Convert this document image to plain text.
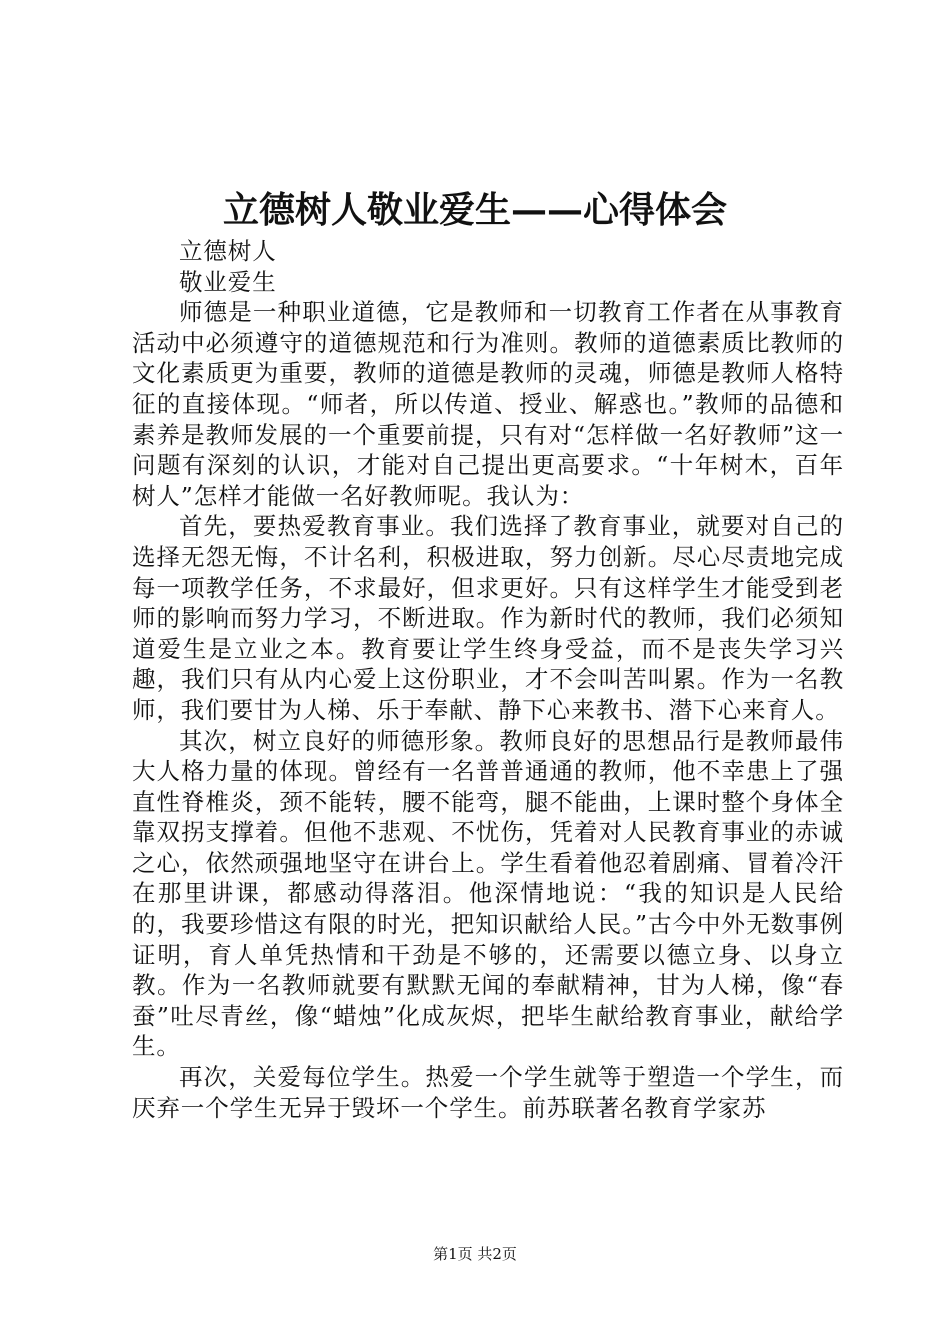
立德树人敬业爱生——心得体会

立德树人

敬业爱生

师德是一种职业道德，它是教师和一切教育工作者在从事教育活动中必须遵守的道德规范和行为准则。教师的道德素质比教师的文化素质更为重要，教师的道德是教师的灵魂，师德是教师人格特征的直接体现。“师者，所以传道、授业、解惑也。”教师的品德和素养是教师发展的一个重要前提，只有对“怎样做一名好教师”这一问题有深刻的认识，才能对自己提出更高要求。“十年树木，百年树人”怎样才能做一名好教师呢。我认为：

首先，要热爱教育事业。我们选择了教育事业，就要对自己的选择无怨无悔，不计名利，积极进取，努力创新。尽心尽责地完成每一项教学任务，不求最好，但求更好。只有这样学生才能受到老师的影响而努力学习，不断进取。作为新时代的教师，我们必须知道爱生是立业之本。教育要让学生终身受益，而不是丧失学习兴趣，我们只有从内心爱上这份职业，才不会叫苦叫累。作为一名教师，我们要甘为人梯、乐于奉献、静下心来教书、潜下心来育人。

其次，树立良好的师德形象。教师良好的思想品行是教师最伟大人格力量的体现。曾经有一名普普通通的教师，他不幸患上了强直性脊椎炎，颈不能转，腰不能弯，腿不能曲，上课时整个身体全靠双拐支撑着。但他不悲观、不忧伤，凭着对人民教育事业的赤诚之心，依然顽强地坚守在讲台上。学生看着他忍着剧痛、冒着冷汗在那里讲课，都感动得落泪。他深情地说：“我的知识是人民给的，我要珍惜这有限的时光，把知识献给人民。”古今中外无数事例证明，育人单凭热情和干劲是不够的，还需要以德立身、以身立教。作为一名教师就要有默默无闻的奉献精神，甘为人梯，像“春蚕”吐尽青丝，像“蜡烛”化成灰烬，把毕生献给教育事业，献给学生。

再次，关爱每位学生。热爱一个学生就等于塑造一个学生，而厌弃一个学生无异于毁坏一个学生。前苏联著名教育学家苏

第1页 共2页
